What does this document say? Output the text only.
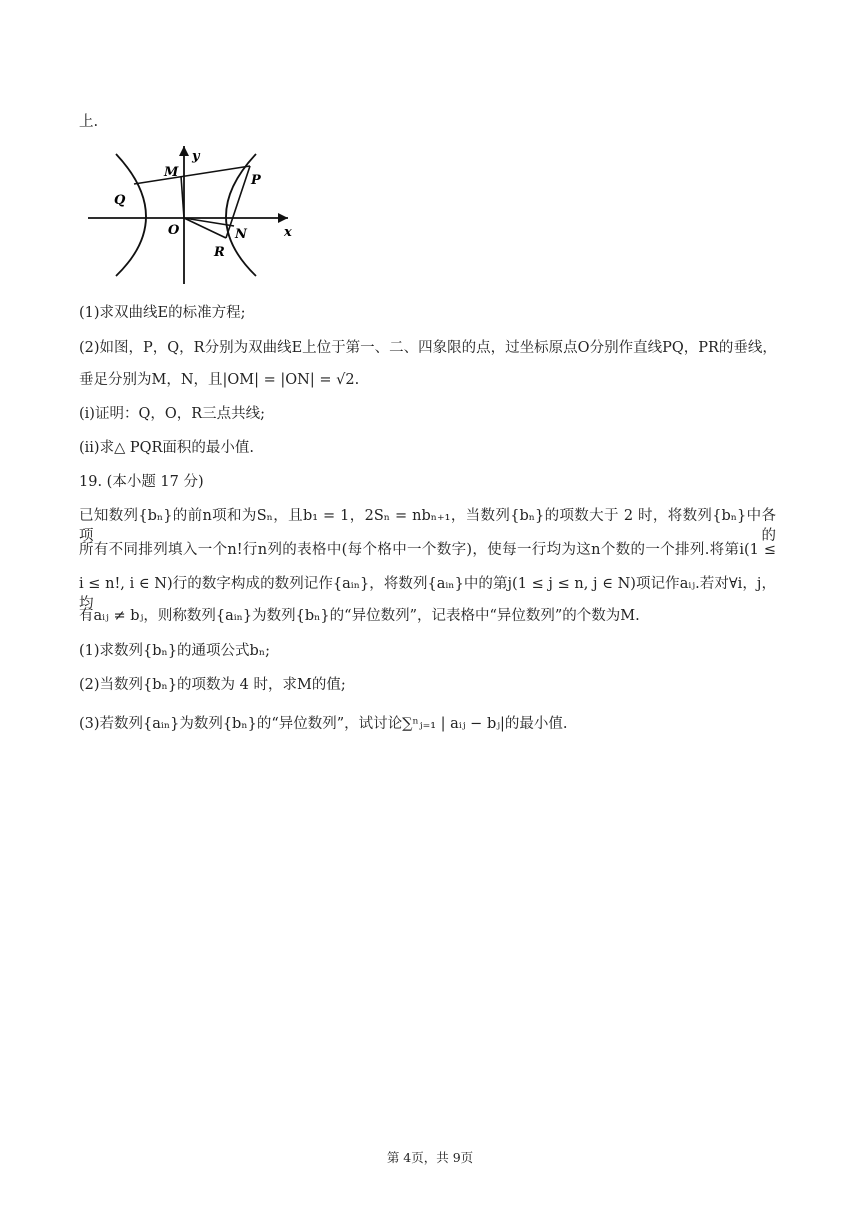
上.
y
x
O
M
P
Q
N
R
(1)求双曲线E的标准方程;
(2)如图，P，Q，R分别为双曲线E上位于第一、二、四象限的点，过坐标原点O分别作直线PQ，PR的垂线，
垂足分别为M，N，且|OM| = |ON| = √2.
(i)证明：Q，O，R三点共线;
(ii)求△ PQR面积的最小值.
19. (本小题 17 分)
已知数列{bₙ}的前n项和为Sₙ，且b₁ = 1，2Sₙ = nbₙ₊₁，当数列{bₙ}的项数大于 2 时，将数列{bₙ}中各项的
所有不同排列填入一个n!行n列的表格中(每个格中一个数字)，使每一行均为这n个数的一个排列.将第i(1 ≤
i ≤ n!, i ∈ N)行的数字构成的数列记作{aᵢₙ}，将数列{aᵢₙ}中的第j(1 ≤ j ≤ n, j ∈ N)项记作aᵢⱼ.若对∀i，j，均
有aᵢⱼ ≠ bⱼ，则称数列{aᵢₙ}为数列{bₙ}的“异位数列”，记表格中“异位数列”的个数为M.
(1)求数列{bₙ}的通项公式bₙ;
(2)当数列{bₙ}的项数为 4 时，求M的值;
(3)若数列{aᵢₙ}为数列{bₙ}的“异位数列”，试讨论∑ⁿⱼ₌₁ | aᵢⱼ − bⱼ|的最小值.
第 4页，共 9页
